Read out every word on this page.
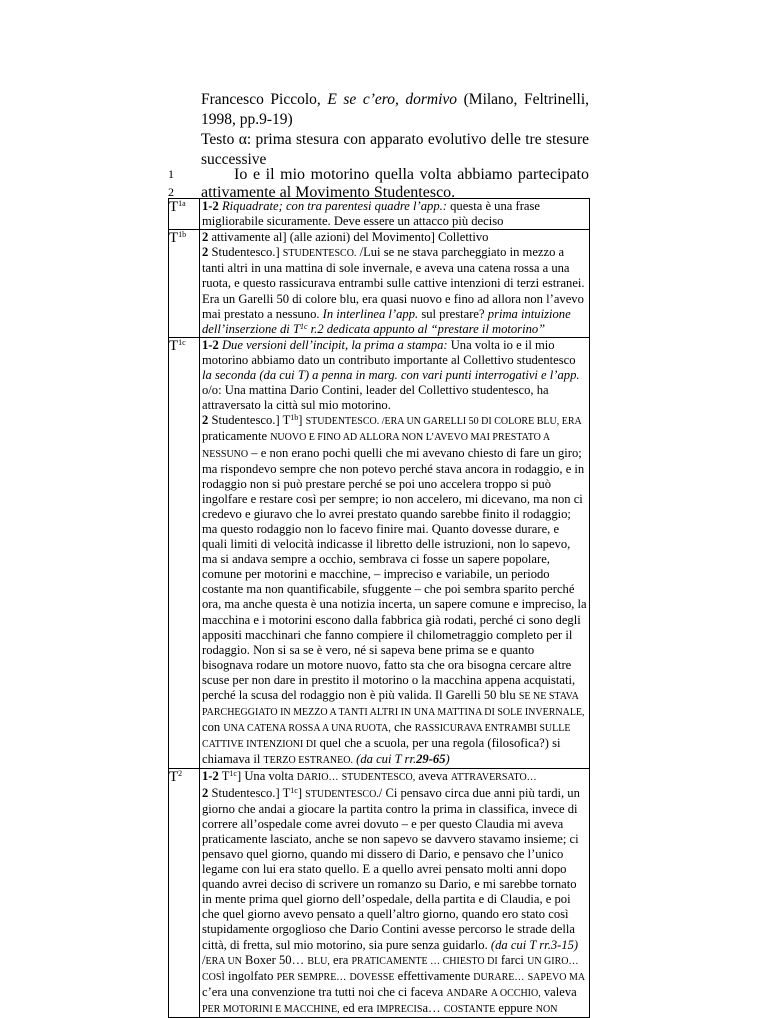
Francesco Piccolo, E se c’ero, dormivo (Milano, Feltrinelli, 1998, pp.9-19)

Testo α: prima stesura con apparato evolutivo delle tre stesure successive

1
2
Io e il mio motorino quella volta abbiamo partecipato attivamente al Movimento Studentesco.
$T^{1a}$	1-2 Riquadrate; con tra parentesi quadre l’app.: questa è una frase migliorabile sicuramente. Deve essere un attacco più deciso

$T^{1b}$	2 attivamente al] (alle azioni) del Movimento] Collettivo
2 Studentesco.] STUDENTESCO. /Lui se ne stava parcheggiato in mezzo a tanti altri in una mattina di sole invernale, e aveva una catena rossa a una ruota, e questo rassicurava entrambi sulle cattive intenzioni di terzi estranei. Era un Garelli 50 di colore blu, era quasi nuovo e fino ad allora non l’avevo mai prestato a nessuno. In interlinea l’app. sul prestare? prima intuizione dell’inserzione di $T^{1c}$ r.2 dedicata appunto al “prestare il motorino”

$T^{1c}$	1-2 Due versioni dell’incipit, la prima a stampa: Una volta io e il mio motorino abbiamo dato un contributo importante al Collettivo studentesco la seconda (da cui T) a penna in marg. con vari punti interrogativi e l’app. o/o: Una mattina Dario Contini, leader del Collettivo studentesco, ha attraversato la città sul mio motorino.
2 Studentesco.] $T^{1b}$] STUDENTESCO. /ERA UN GARELLI 50 DI COLORE BLU, ERA praticamente NUOVO E FINO AD ALLORA NON L’AVEVO MAI PRESTATO A NESSUNO – e non erano pochi quelli che mi avevano chiesto di fare un giro; ma rispondevo sempre che non potevo perché stava ancora in rodaggio, e in rodaggio non si può prestare perché se poi uno accelera troppo si può ingolfare e restare così per sempre; io non accelero, mi dicevano, ma non ci credevo e giuravo che lo avrei prestato quando sarebbe finito il rodaggio; ma questo rodaggio non lo facevo finire mai. Quanto dovesse durare, e quali limiti di velocità indicasse il libretto delle istruzioni, non lo sapevo, ma si andava sempre a occhio, sembrava ci fosse un sapere popolare, comune per motorini e macchine, – impreciso e variabile, un periodo costante ma non quantificabile, sfuggente – che poi sembra sparito perché ora, ma anche questa è una notizia incerta, un sapere comune e impreciso, la macchina e i motorini escono dalla fabbrica già rodati, perché ci sono degli appositi macchinari che fanno compiere il chilometraggio completo per il rodaggio. Non si sa se è vero, né si sapeva bene prima se e quanto bisognava rodare un motore nuovo, fatto sta che ora bisogna cercare altre scuse per non dare in prestito il motorino o la macchina appena acquistati, perché la scusa del rodaggio non è più valida. Il Garelli 50 blu SE NE STAVA PARCHEGGIATO IN MEZZO A TANTI ALTRI IN UNA MATTINA DI SOLE INVERNALE, con UNA CATENA ROSSA A UNA RUOTA, che RASSICURAVA ENTRAMBI SULLE CATTIVE INTENZIONI DI quel che a scuola, per una regola (filosofica?) si chiamava il TERZO ESTRANEO. (da cui T rr.29-65)

$T^2$	1-2 $T^{1c}$] Una volta DARIO… STUDENTESCO, aveva ATTRAVERSATO…
2 Studentesco.] $T^{1c}$] STUDENTESCO./ Ci pensavo circa due anni più tardi, un giorno che andai a giocare la partita contro la prima in classifica, invece di correre all’ospedale come avrei dovuto – e per questo Claudia mi aveva praticamente lasciato, anche se non sapevo se davvero stavamo insieme; ci pensavo quel giorno, quando mi dissero di Dario, e pensavo che l’unico legame con lui era stato quello. E a quello avrei pensato molti anni dopo quando avrei deciso di scrivere un romanzo su Dario, e mi sarebbe tornato in mente prima quel giorno dell’ospedale, della partita e di Claudia, e poi che quel giorno avevo pensato a quell’altro giorno, quando ero stato così stupidamente orgoglioso che Dario Contini avesse percorso le strade della città, di fretta, sul mio motorino, sia pure senza guidarlo. (da cui T rr.3-15)
/ERA UN Boxer 50… BLU, era PRATICAMENTE … CHIESTO DI farci UN GIRO… COSÌ ingolfato PER SEMPRE… DOVESSE effettivamente DURARE… SAPEVO MA c’era una convenzione tra tutti noi che ci faceva ANDARe A OCCHIO, valeva PER MOTORINI E MACCHINE, ed era IMPRECISa… COSTANTE eppure NON
